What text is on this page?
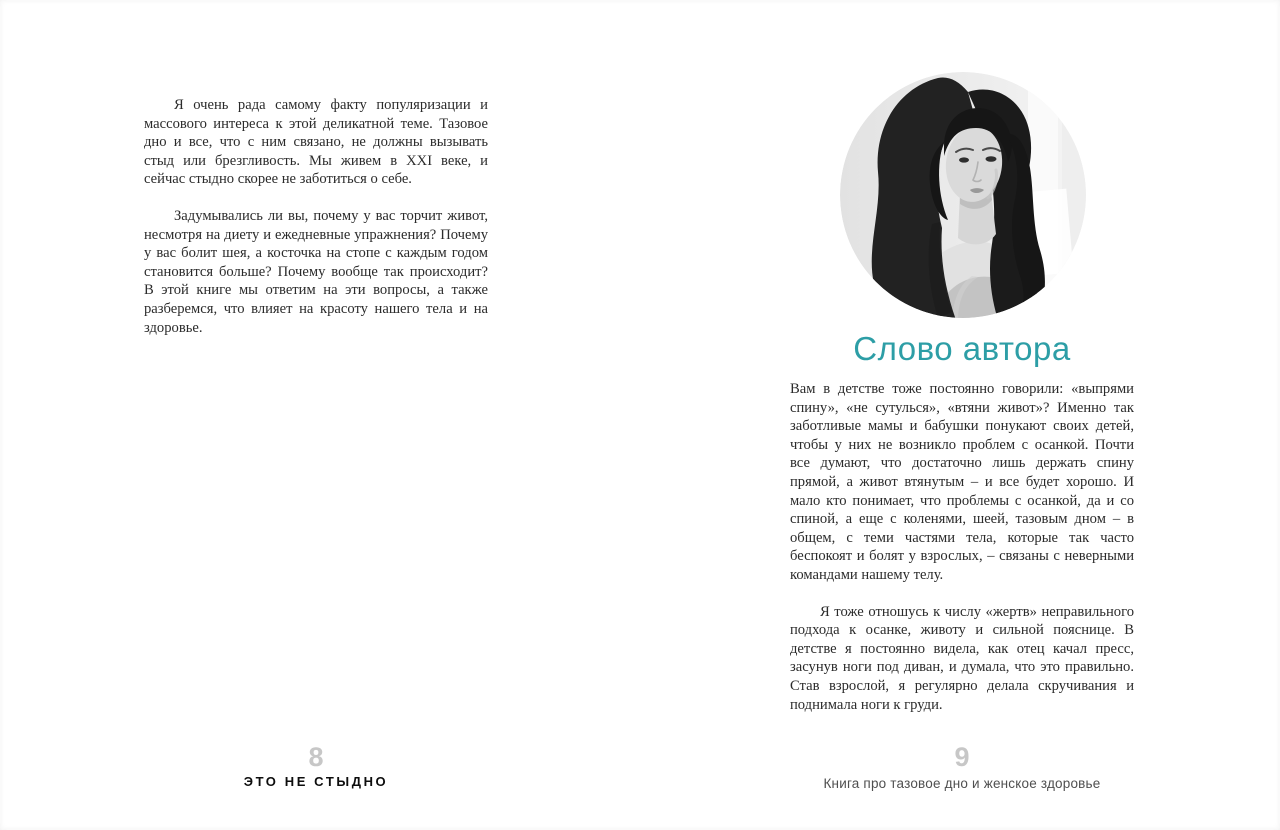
Я очень рада самому факту популяризации и массового интереса к этой деликатной теме. Тазовое дно и все, что с ним связано, не должны вызывать стыд или брезгливость. Мы живем в XXI веке, и сейчас стыдно скорее не заботиться о себе.

Задумывались ли вы, почему у вас торчит живот, несмотря на диету и ежедневные упражнения? Почему у вас болит шея, а косточка на стопе с каждым годом становится больше? Почему вообще так происходит? В этой книге мы ответим на эти вопросы, а также разберемся, что влияет на красоту нашего тела и на здоровье.

8
ЭТО НЕ СТЫДНО
Слово автора

Вам в детстве тоже постоянно говорили: «выпрями спину», «не сутулься», «втяни живот»? Именно так заботливые мамы и бабушки понукают своих детей, чтобы у них не возникло проблем с осанкой. Почти все думают, что достаточно лишь держать спину прямой, а живот втянутым – и все будет хорошо. И мало кто понимает, что проблемы с осанкой, да и со спиной, а еще с коленями, шеей, тазовым дном – в общем, с теми частями тела, которые так часто беспокоят и болят у взрослых, – связаны с неверными командами нашему телу.

Я тоже отношусь к числу «жертв» неправильного подхода к осанке, животу и сильной пояснице. В детстве я постоянно видела, как отец качал пресс, засунув ноги под диван, и думала, что это правильно. Став взрослой, я регулярно делала скручивания и поднимала ноги к груди.

9
Книга про тазовое дно и женское здоровье
